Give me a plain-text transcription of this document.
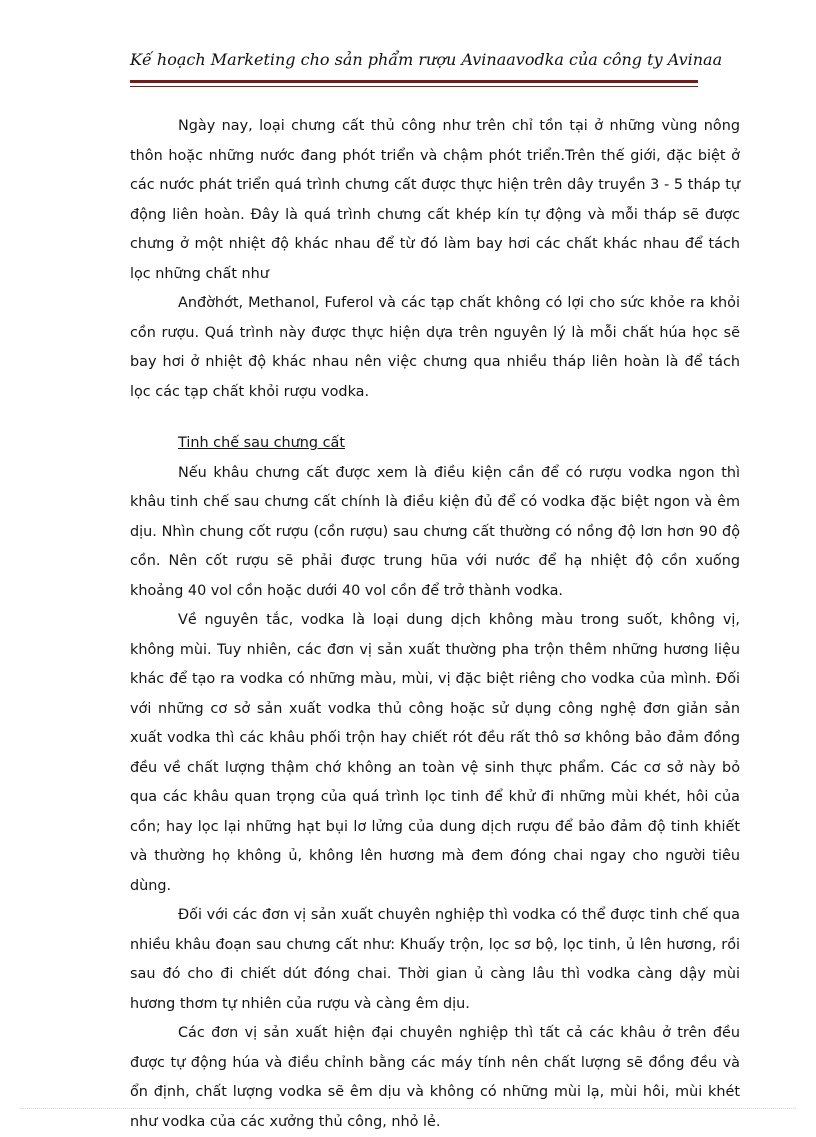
Kế hoạch Marketing cho sản phẩm rượu Avinaavodka của công ty Avinaa

Ngày nay, loại chưng cất thủ công như trên chỉ tồn tại ở những vùng nông thôn hoặc những nước đang phót triển và chậm phót triển.Trên thế giới, đặc biệt ở các nước phát triển quá trình chưng cất được thực hiện trên dây truyền 3 - 5 tháp tự động liên hoàn. Đây là quá trình chưng cất khép kín tự động và mỗi tháp sẽ được chưng ở một nhiệt độ khác nhau để từ đó làm bay hơi các chất khác nhau để tách lọc những chất như

Anđờhớt, Methanol, Fuferol và các tạp chất không có lợi cho sức khỏe ra khỏi cồn rượu. Quá trình này được thực hiện dựa trên nguyên lý là mỗi chất húa học sẽ bay hơi ở nhiệt độ khác nhau nên việc chưng qua nhiều tháp liên hoàn là để tách lọc các tạp chất khỏi rượu vodka.

Tinh chế sau chưng cất

Nếu khâu chưng cất được xem là điều kiện cần để có rượu vodka ngon thì khâu tinh chế sau chưng cất chính là điều kiện đủ để có vodka đặc biệt ngon và êm dịu. Nhìn chung cốt rượu (cồn rượu) sau chưng cất thường có nồng độ lơn hơn 90 độ cồn. Nên cốt rượu sẽ phải được trung hũa với nước để hạ nhiệt độ cồn xuống khoảng 40 vol cồn hoặc dưới 40 vol cồn để trở thành vodka.

Về nguyên tắc, vodka là loại dung dịch không màu trong suốt, không vị, không mùi. Tuy nhiên, các đơn vị sản xuất thường pha trộn thêm những hương liệu khác để tạo ra vodka có những màu, mùi, vị đặc biệt riêng cho vodka của mình. Đối với những cơ sở sản xuất vodka thủ công hoặc sử dụng công nghệ đơn giản sản xuất vodka thì các khâu phối trộn hay chiết rót đều rất thô sơ không bảo đảm đồng đều về chất lượng thậm chớ không an toàn vệ sinh thực phẩm. Các cơ sở này bỏ qua các khâu quan trọng của quá trình lọc tinh để khử đi những mùi khét, hôi của cồn; hay lọc lại những hạt bụi lơ lửng của dung dịch rượu để bảo đảm độ tinh khiết và thường họ không ủ, không lên hương mà đem đóng chai ngay cho người tiêu dùng.

Đối với các đơn vị sản xuất chuyên nghiệp thì vodka có thể được tinh chế qua nhiều khâu đoạn sau chưng cất như: Khuấy trộn, lọc sơ bộ, lọc tinh, ủ lên hương, rồi sau đó cho đi chiết dút đóng chai. Thời gian ủ càng lâu thì vodka càng dậy mùi hương thơm tự nhiên của rượu và càng êm dịu.

Các đơn vị sản xuất hiện đại chuyên nghiệp thì tất cả các khâu ở trên đều được tự động húa và điều chỉnh bằng các máy tính nên chất lượng sẽ đồng đều và ổn định, chất lượng vodka sẽ êm dịu và không có những mùi lạ, mùi hôi, mùi khét như vodka của các xưởng thủ công, nhỏ lẻ.
